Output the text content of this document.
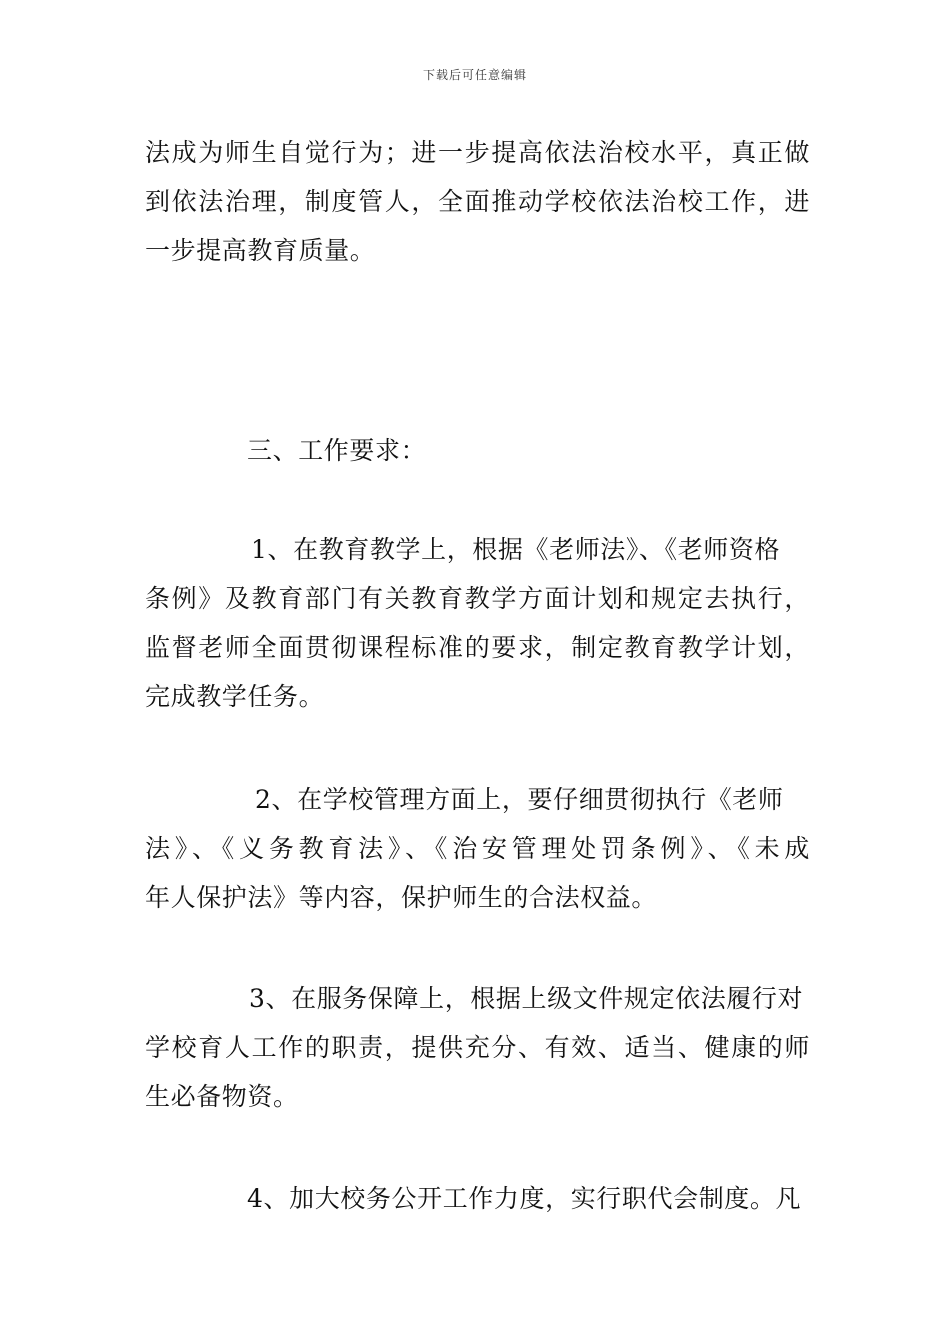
下载后可任意编辑
法成为师生自觉行为；进一步提高依法治校水平，真正做
到依法治理，制度管人，全面推动学校依法治校工作，进
一步提高教育质量。
三、工作要求：
1、在教育教学上，根据《老师法》、《老师资格
条例》及教育部门有关教育教学方面计划和规定去执行，
监督老师全面贯彻课程标准的要求，制定教育教学计划，
完成教学任务。
2、在学校管理方面上，要仔细贯彻执行《老师
法》、《义务教育法》、《治安管理处罚条例》、《未成
年人保护法》等内容，保护师生的合法权益。
3、在服务保障上，根据上级文件规定依法履行对
学校育人工作的职责，提供充分、有效、适当、健康的师
生必备物资。
4、加大校务公开工作力度，实行职代会制度。凡
